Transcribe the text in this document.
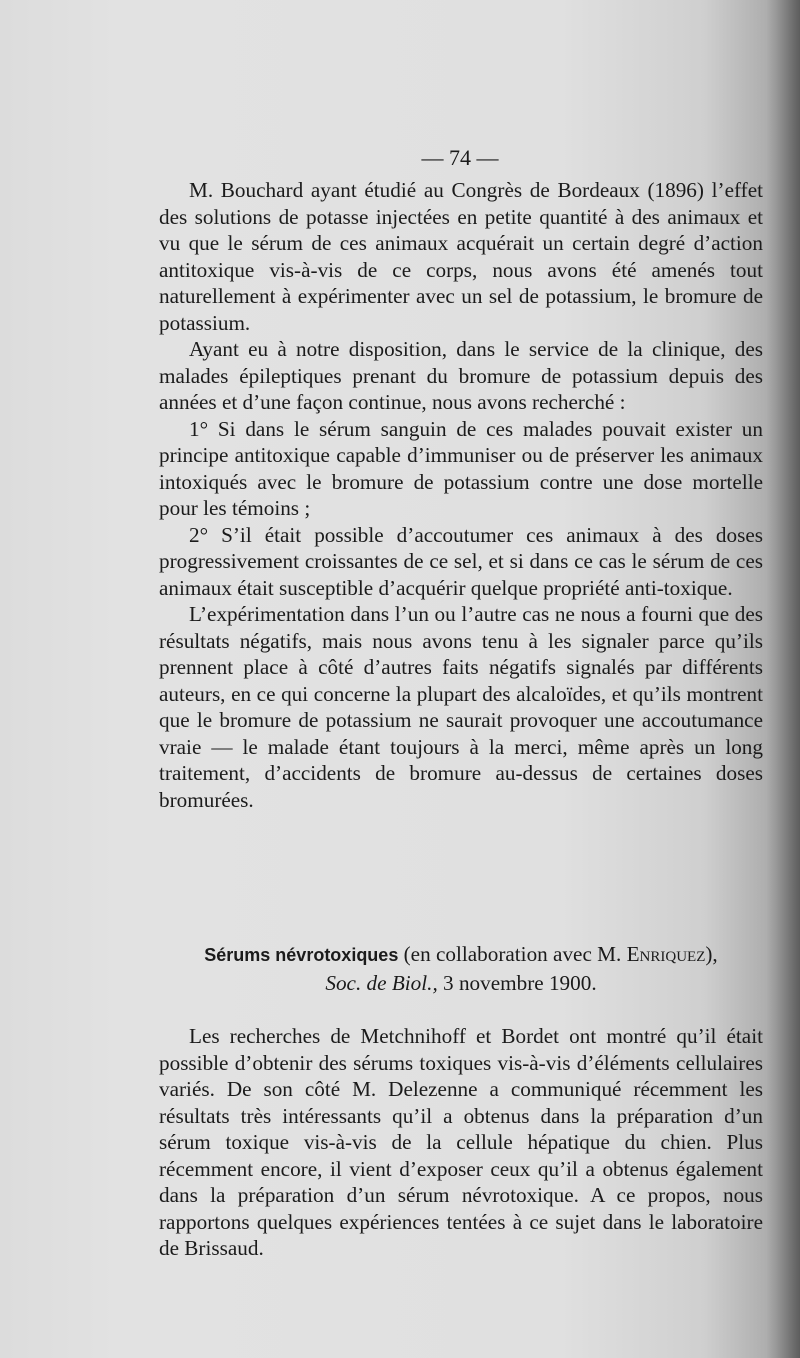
— 74 —

M. Bouchard ayant étudié au Congrès de Bordeaux (1896) l’effet des solutions de potasse injectées en petite quantité à des animaux et vu que le sérum de ces animaux acquérait un certain degré d’action antitoxique vis-à-vis de ce corps, nous avons été amenés tout naturellement à expérimenter avec un sel de potassium, le bromure de potassium.

Ayant eu à notre disposition, dans le service de la clinique, des malades épileptiques prenant du bromure de potassium depuis des années et d’une façon continue, nous avons recherché :

1° Si dans le sérum sanguin de ces malades pouvait exister un principe antitoxique capable d’immuniser ou de préserver les animaux intoxiqués avec le bromure de potassium contre une dose mortelle pour les témoins ;

2° S’il était possible d’accoutumer ces animaux à des doses progressivement croissantes de ce sel, et si dans ce cas le sérum de ces animaux était susceptible d’acquérir quelque propriété anti-toxique.

L’expérimentation dans l’un ou l’autre cas ne nous a fourni que des résultats négatifs, mais nous avons tenu à les signaler parce qu’ils prennent place à côté d’autres faits négatifs signalés par différents auteurs, en ce qui concerne la plupart des alcaloïdes, et qu’ils montrent que le bromure de potassium ne saurait provoquer une accoutumance vraie — le malade étant toujours à la merci, même après un long traitement, d’accidents de bromure au-dessus de certaines doses bromurées.

Sérums névrotoxiques (en collaboration avec M. Enriquez),
Soc. de Biol., 3 novembre 1900.

Les recherches de Metchnihoff et Bordet ont montré qu’il était possible d’obtenir des sérums toxiques vis-à-vis d’éléments cellulaires variés. De son côté M. Delezenne a communiqué récemment les résultats très intéressants qu’il a obtenus dans la préparation d’un sérum toxique vis-à-vis de la cellule hépatique du chien. Plus récemment encore, il vient d’exposer ceux qu’il a obtenus également dans la préparation d’un sérum névrotoxique. A ce propos, nous rapportons quelques expériences tentées à ce sujet dans le laboratoire de Brissaud.
